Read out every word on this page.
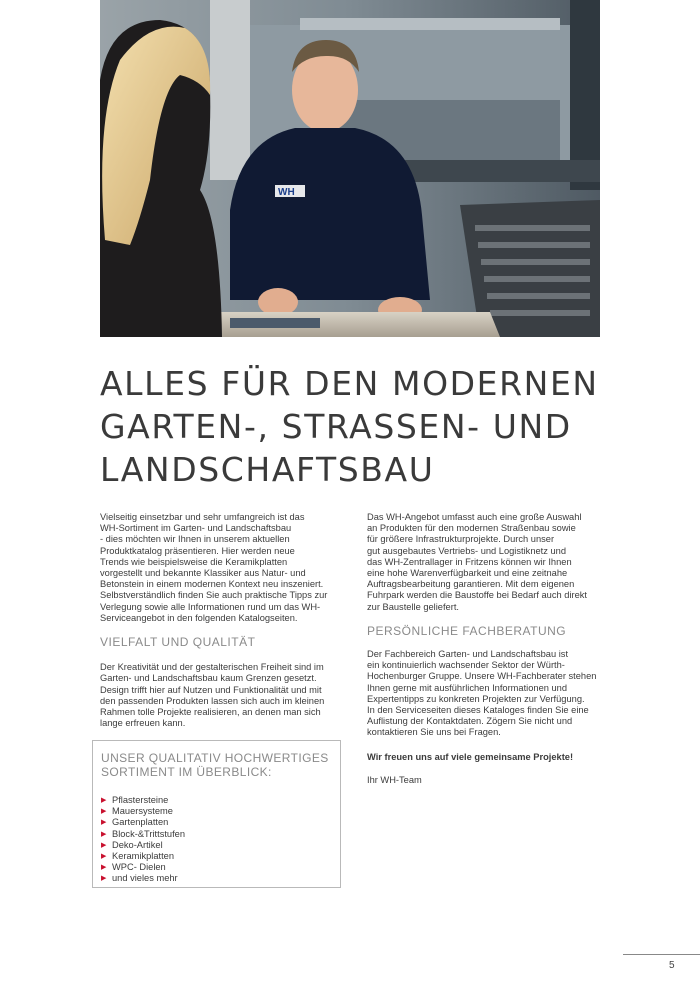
WH
ALLES FÜR DEN MODERNEN
GARTEN-, STRASSEN- UND
LANDSCHAFTSBAU

Vielseitig einsetzbar und sehr umfangreich ist das
WH-Sortiment im Garten- und Landschaftsbau
- dies möchten wir Ihnen in unserem aktuellen
Produktkatalog präsentieren. Hier werden neue
Trends wie beispielsweise die Keramikplatten
vorgestellt und bekannte Klassiker aus Natur- und
Betonstein in einem modernen Kontext neu inszeniert.
Selbstverständlich finden Sie auch praktische Tipps zur
Verlegung sowie alle Informationen rund um das WH-
Serviceangebot in den folgenden Katalogseiten.

VIELFALT UND QUALITÄT

Der Kreativität und der gestalterischen Freiheit sind im
Garten- und Landschaftsbau kaum Grenzen gesetzt.
Design trifft hier auf Nutzen und Funktionalität und mit
den passenden Produkten lassen sich auch im kleinen
Rahmen tolle Projekte realisieren, an denen man sich
lange erfreuen kann.

UNSER QUALITATIV HOCHWERTIGES
SORTIMENT IM ÜBERBLICK:
▶ Pflastersteine
▶ Mauersysteme
▶ Gartenplatten
▶ Block-&Trittstufen
▶ Deko-Artikel
▶ Keramikplatten
▶ WPC- Dielen
▶ und vieles mehr

Das WH-Angebot umfasst auch eine große Auswahl
an Produkten für den modernen Straßenbau sowie
für größere Infrastrukturprojekte. Durch unser
gut ausgebautes Vertriebs- und Logistiknetz und
das WH-Zentrallager in Fritzens können wir Ihnen
eine hohe Warenverfügbarkeit und eine zeitnahe
Auftragsbearbeitung garantieren. Mit dem eigenen
Fuhrpark werden die Baustoffe bei Bedarf auch direkt
zur Baustelle geliefert.

PERSÖNLICHE FACHBERATUNG

Der Fachbereich Garten- und Landschaftsbau ist
ein kontinuierlich wachsender Sektor der Würth-
Hochenburger Gruppe. Unsere WH-Fachberater stehen
Ihnen gerne mit ausführlichen Informationen und
Expertentipps zu konkreten Projekten zur Verfügung.
In den Serviceseiten dieses Kataloges finden Sie eine
Auflistung der Kontaktdaten. Zögern Sie nicht und
kontaktieren Sie uns bei Fragen.

Wir freuen uns auf viele gemeinsame Projekte!

Ihr WH-Team

5
